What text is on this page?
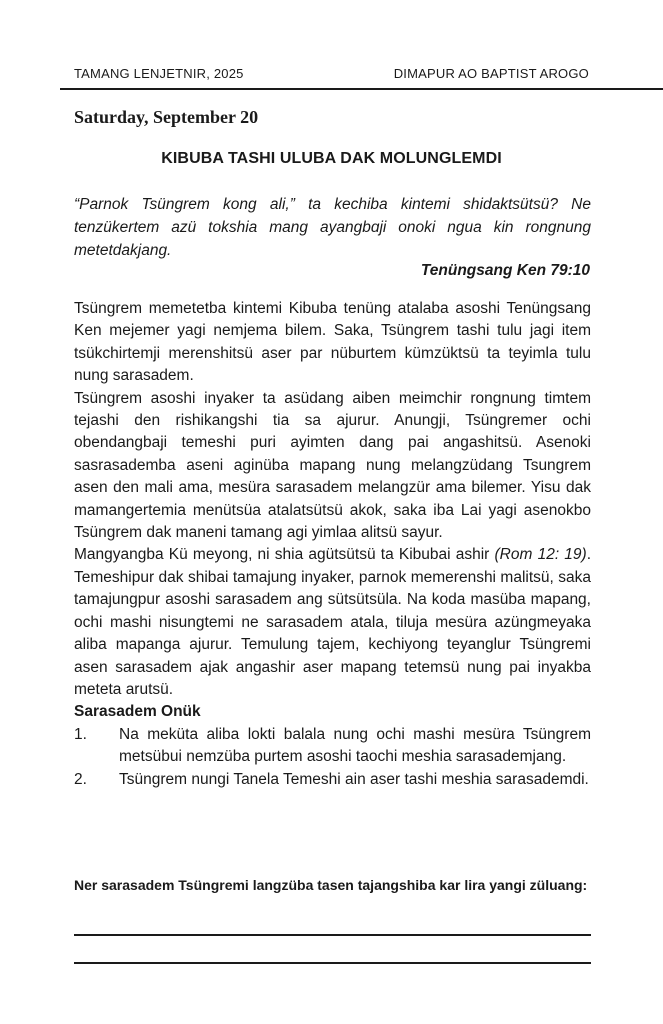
TAMANG LENJETNIR, 2025	DIMAPUR AO BAPTIST AROGO
Saturday, September 20
KIBUBA TASHI ULUBA DAK MOLUNGLEMDI
“Parnok Tsüngrem kong ali,” ta kechiba kintemi shidaktsütsü? Ne tenzükertem azü tokshia mang ayangbɑji onoki ngua kin rongnung metetdakjang.
Tenüngsang Ken 79:10

Tsüngrem memetetba kintemi Kibuba tenüng atalaba asoshi Tenüngsang Ken mejemer yagi nemjema bilem. Saka, Tsüngrem tashi tulu jagi item tsükchirtemji merenshitsü aser par nüburtem kümzüktsü ta teyimla tulu nung sarasadem.

Tsüngrem asoshi inyaker ta asüdang aiben meimchir rongnung timtem tejashi den rishikangshi tia sa ajurur. Anungji, Tsüngremer ochi obendangbaji temeshi puri ayimten dang pai angashitsü. Asenoki sasrasademba aseni aginüba mapang nung melangzüdang Tsungrem asen den mali ama, mesüra sarasadem melangzür ama bilemer. Yisu dak mamangertemia menütsüa atalatsütsü akok, saka iba Lai yagi asenokbo Tsüngrem dak maneni tamang agi yimlaa alitsü sayur.

Mangyangba Kü meyong, ni shia agütsütsü ta Kibubai ashir (Rom 12: 19). Temeshipur dak shibai tamajung inyaker, parnok memerenshi malitsü, saka tamajungpur asoshi sarasadem ang sütsütsüla. Na koda masüba mapang, ochi mashi nisungtemi ne sarasadem atala, tiluja mesüra azüngmeyaka aliba mapanga ajurur. Temulung tajem, kechiyong teyanglur Tsüngremi asen sarasadem ajak angashir aser mapang tetemsü nung pai inyakba meteta arutsü.

Sarasadem Onük

1.	Na meküta aliba lokti balala nung ochi mashi mesüra Tsüngrem metsübui nemzüba purtem asoshi taochi meshia sarasademjang.
2.	Tsüngrem nungi Tanela Temeshi ain aser tashi meshia sarasademdi.
Ner sarasadem Tsüngremi langzüba tasen tajangshiba kar lira yangi züluang:
